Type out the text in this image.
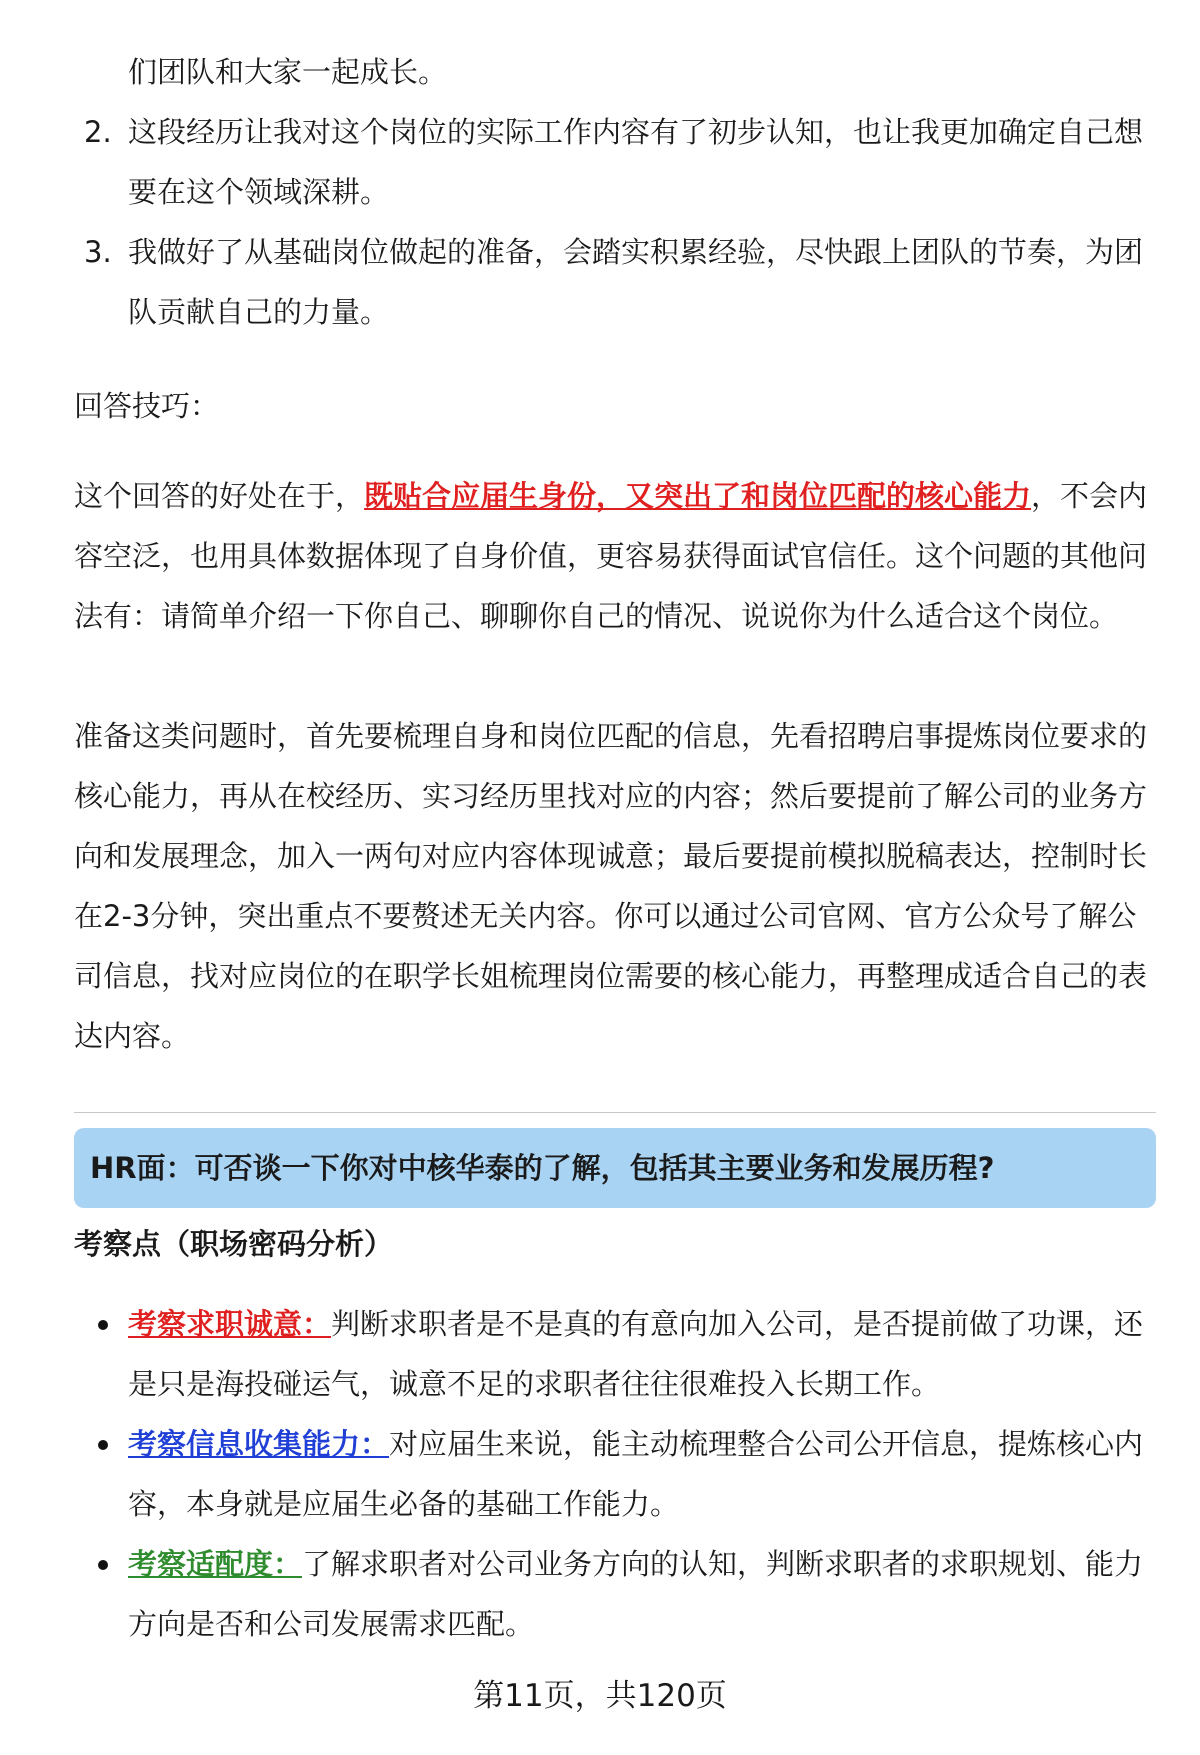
们团队和大家一起成长。
2. 这段经历让我对这个岗位的实际工作内容有了初步认知，也让我更加确定自己想要在这个领域深耕。
3. 我做好了从基础岗位做起的准备，会踏实积累经验，尽快跟上团队的节奏，为团队贡献自己的力量。
回答技巧：
这个回答的好处在于，既贴合应届生身份，又突出了和岗位匹配的核心能力，不会内容空泛，也用具体数据体现了自身价值，更容易获得面试官信任。这个问题的其他问法有：请简单介绍一下你自己、聊聊你自己的情况、说说你为什么适合这个岗位。
准备这类问题时，首先要梳理自身和岗位匹配的信息，先看招聘启事提炼岗位要求的核心能力，再从在校经历、实习经历里找对应的内容；然后要提前了解公司的业务方向和发展理念，加入一两句对应内容体现诚意；最后要提前模拟脱稿表达，控制时长在2-3分钟，突出重点不要赘述无关内容。你可以通过公司官网、官方公众号了解公司信息，找对应岗位的在职学长姐梳理岗位需要的核心能力，再整理成适合自己的表达内容。
HR面：可否谈一下你对中核华泰的了解，包括其主要业务和发展历程?
考察点（职场密码分析）
考察求职诚意：判断求职者是不是真的有意向加入公司，是否提前做了功课，还是只是海投碰运气，诚意不足的求职者往往很难投入长期工作。
考察信息收集能力：对应届生来说，能主动梳理整合公司公开信息，提炼核心内容，本身就是应届生必备的基础工作能力。
考察适配度：了解求职者对公司业务方向的认知，判断求职者的求职规划、能力方向是否和公司发展需求匹配。
第11页，共120页
